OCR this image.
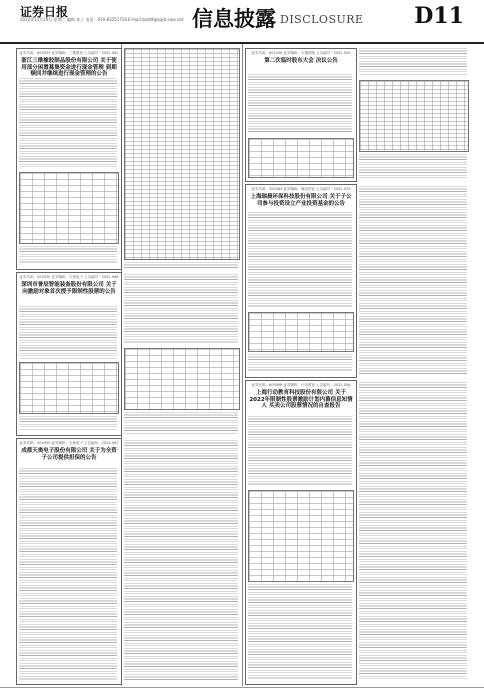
证券日报
2022年11月29日 星期二 编辑 张子 电话：010-83251716 E-mail:zqrb9@zqrb.sina.net 信息披露 DISCLOSURE D11
证券代码：603033 证券简称：三维股份 公告编号：2022-062
浙江三维橡胶制品股份有限公司 关于使用部分闲置募集资金进行现金管理 到期赎回并继续进行现金管理的公告
证券代码：002935 证券简称：天奥电子 公告编号：2022-066
深圳市誉辰智能装备股份有限公司 关于向激励对象首次授予限制性股票的公告
证券代码：002935 证券简称：天奥电子 公告编号：2022-067
成都天奥电子股份有限公司 关于为全资子公司提供担保的公告
证券代码：601006 证券简称：大秦铁路 公告编号：2022-050
第二次临时股东大会 决议公告
证券代码：300584 证券简称：海辰药业 公告编号：2022-070
上海瑞晨环保科技股份有限公司 关于子公司参与投资设立产业投资基金的公告
证券代码：605098 证券简称：行动教育 公告编号：2022-056
上海行动教育科技股份有限公司 关于2022年限制性股票激励计划内幕信息知情人 买卖公司股票情况的自查报告
